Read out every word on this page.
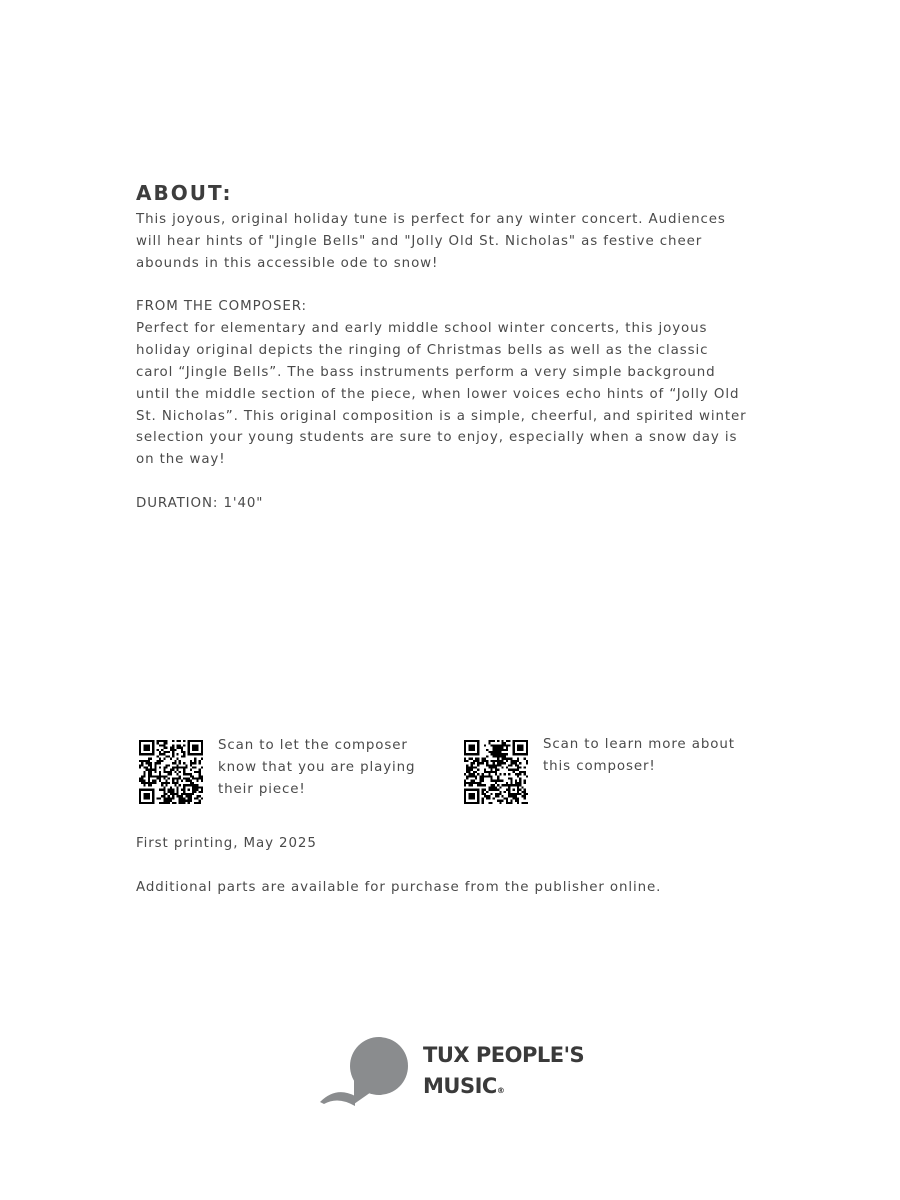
ABOUT:
This joyous, original holiday tune is perfect for any winter concert. Audiences
will hear hints of "Jingle Bells" and "Jolly Old St. Nicholas" as festive cheer
abounds in this accessible ode to snow!
FROM THE COMPOSER:
Perfect for elementary and early middle school winter concerts, this joyous
holiday original depicts the ringing of Christmas bells as well as the classic
carol “Jingle Bells”. The bass instruments perform a very simple background
until the middle section of the piece, when lower voices echo hints of “Jolly Old
St. Nicholas”. This original composition is a simple, cheerful, and spirited winter
selection your young students are sure to enjoy, especially when a snow day is
on the way!
DURATION: 1'40"
Scan to let the composer
know that you are playing
their piece!
Scan to learn more about
this composer!
First printing, May 2025
Additional parts are available for purchase from the publisher online.
TUX PEOPLE'S
MUSIC®
